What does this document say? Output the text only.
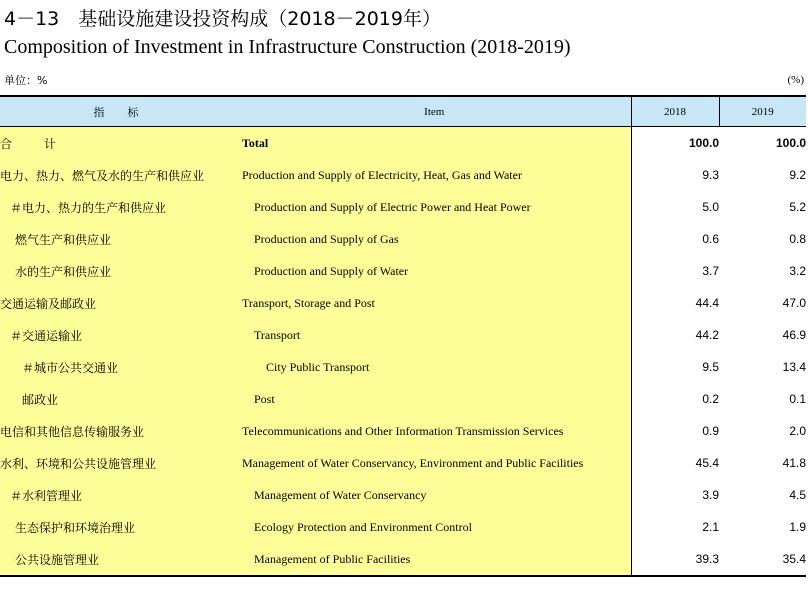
4－13　基础设施建设投资构成（2018－2019年）
Composition of Investment in Infrastructure Construction (2018-2019)
单位：%	(%)
指　标	Item	2018	2019
合　计	Total	100.0	100.0
电力、热力、燃气及水的生产和供应业	Production and Supply of Electricity, Heat, Gas and Water	9.3	9.2
＃电力、热力的生产和供应业	Production and Supply of Electric Power and Heat Power	5.0	5.2
燃气生产和供应业	Production and Supply of Gas	0.6	0.8
水的生产和供应业	Production and Supply of Water	3.7	3.2
交通运输及邮政业	Transport, Storage and Post	44.4	47.0
＃交通运输业	Transport	44.2	46.9
＃城市公共交通业	City Public Transport	9.5	13.4
邮政业	Post	0.2	0.1
电信和其他信息传输服务业	Telecommunications and Other Information Transmission Services	0.9	2.0
水利、环境和公共设施管理业	Management of Water Conservancy, Environment and Public Facilities	45.4	41.8
＃水利管理业	Management of Water Conservancy	3.9	4.5
生态保护和环境治理业	Ecology Protection and Environment Control	2.1	1.9
公共设施管理业	Management of Public Facilities	39.3	35.4
